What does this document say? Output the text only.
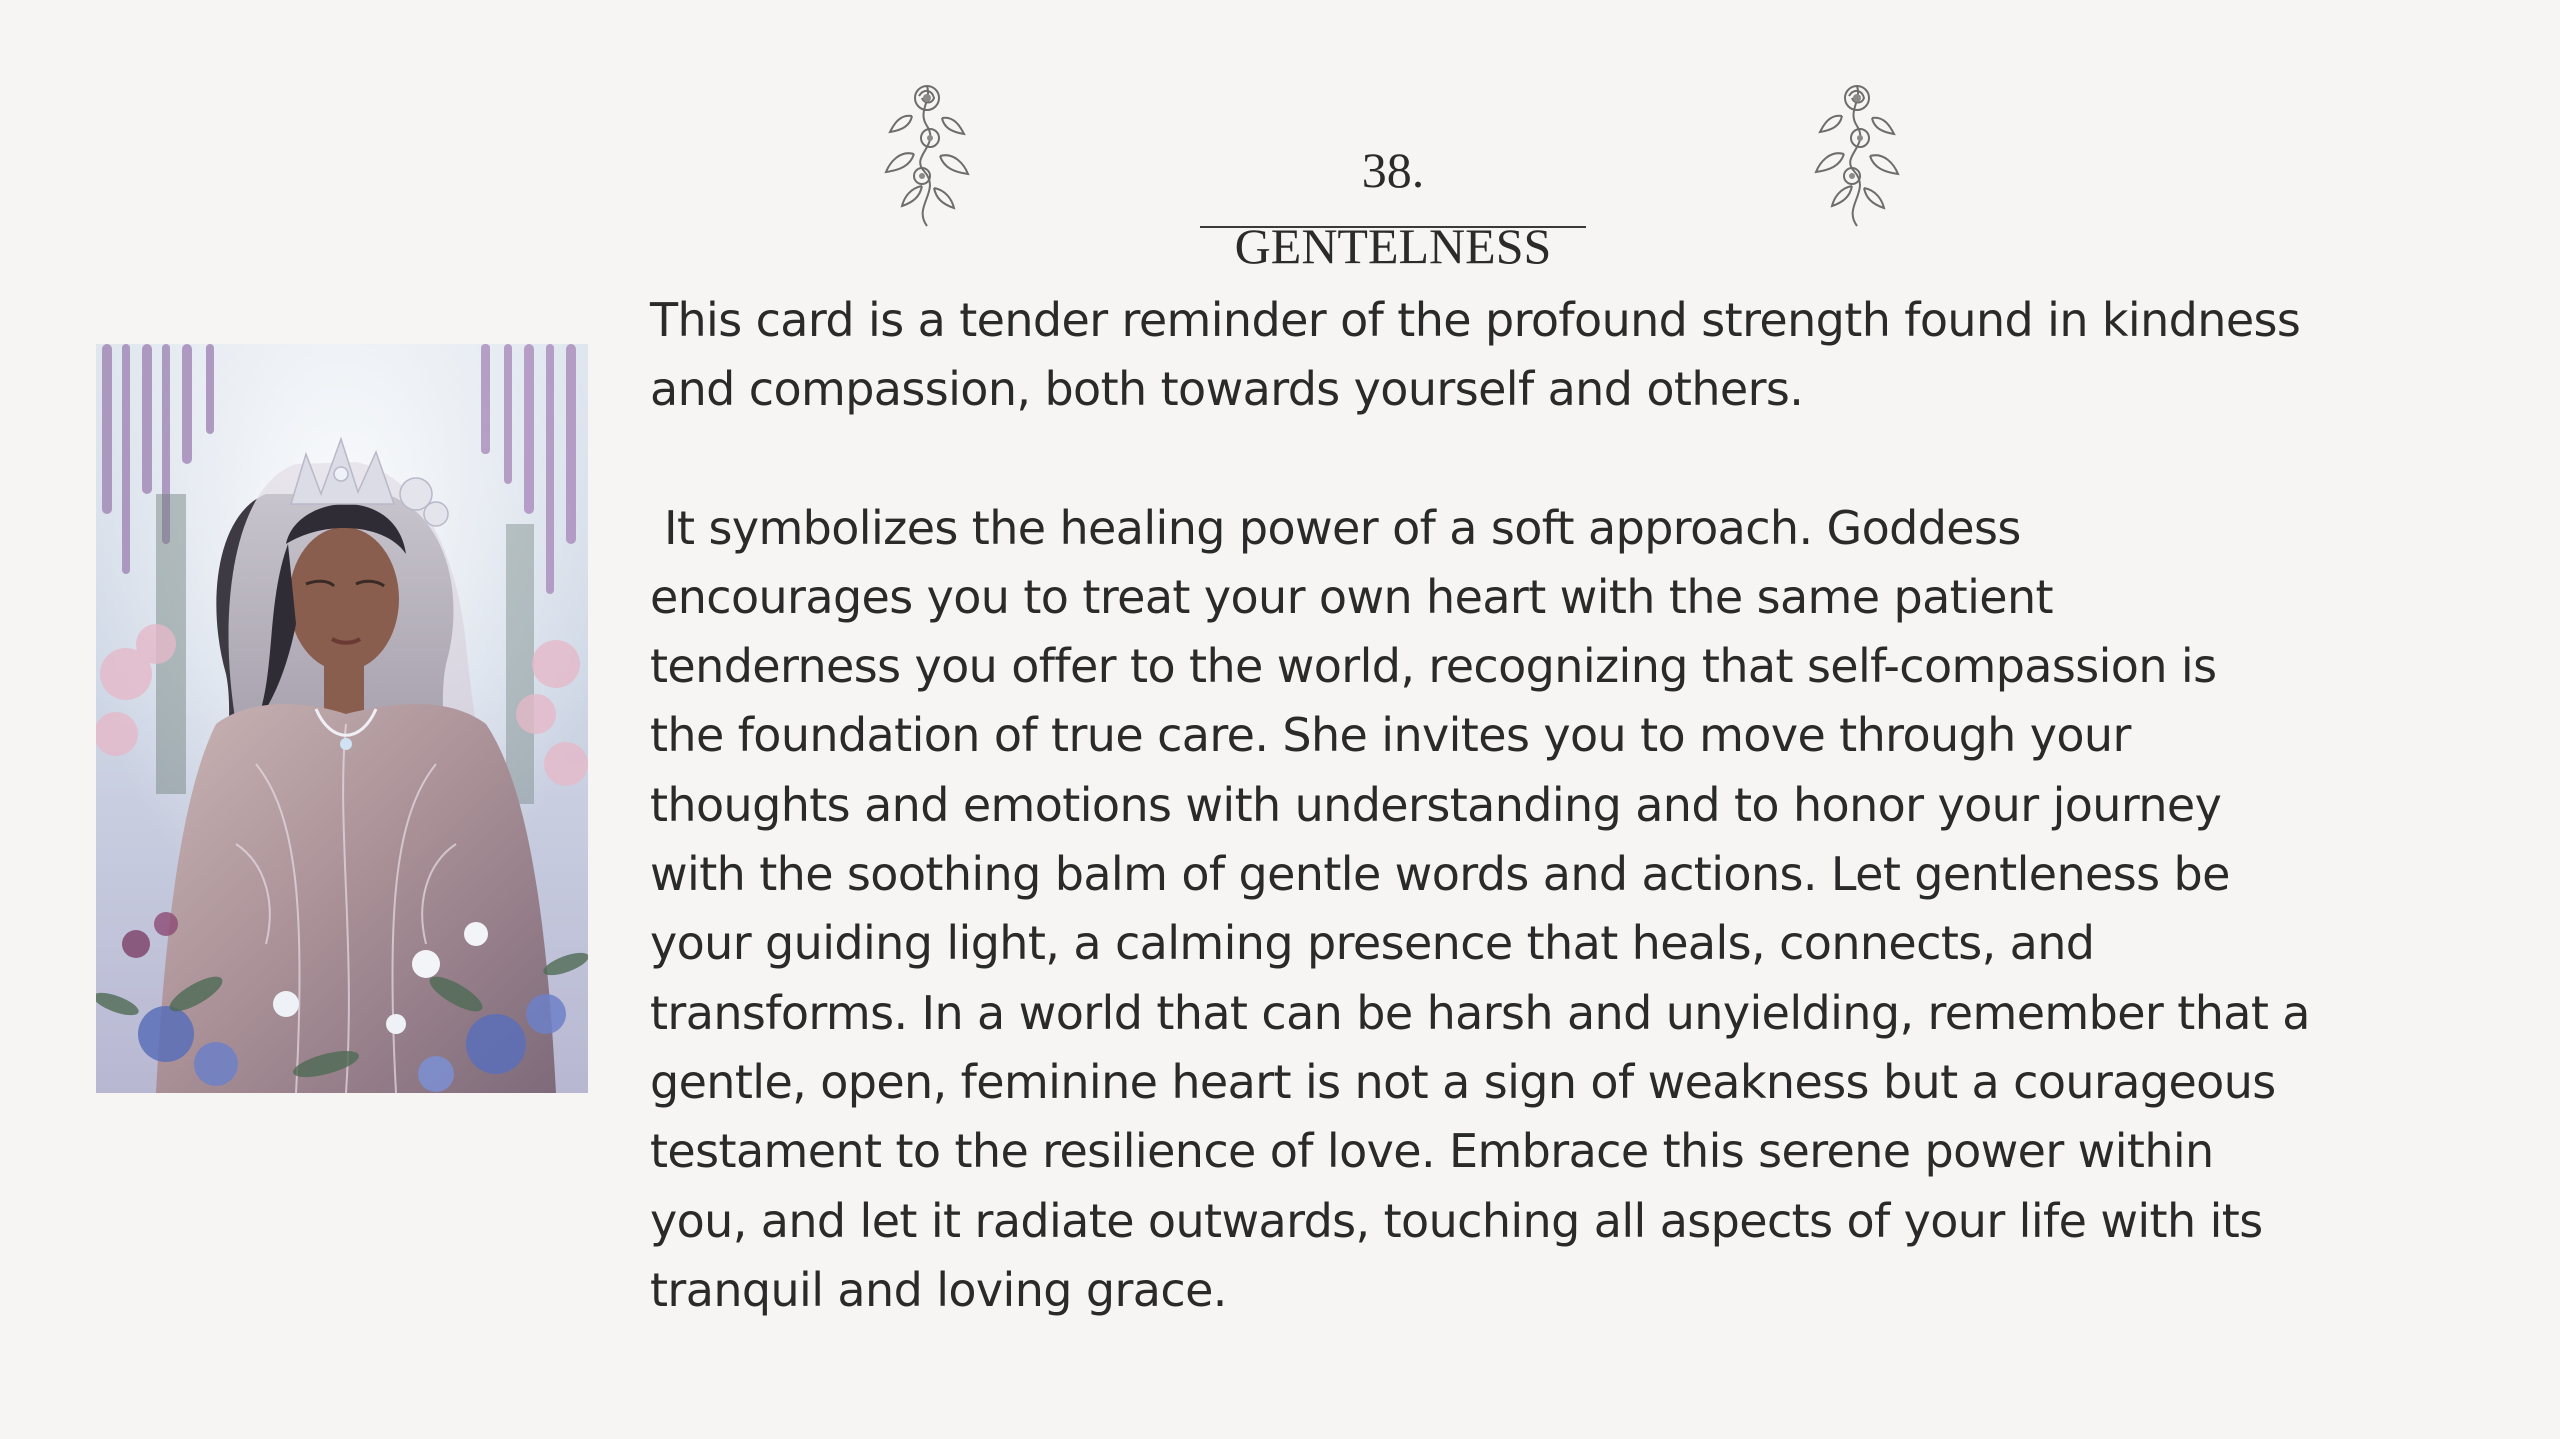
38. GENTELNESS

This card is a tender reminder of the profound strength found in kindness

and compassion, both towards yourself and others.

It symbolizes the healing power of a soft approach. Goddess

encourages you to treat your own heart with the same patient

tenderness you offer to the world, recognizing that self-compassion is

the foundation of true care. She invites you to move through your

thoughts and emotions with understanding and to honor your journey

with the soothing balm of gentle words and actions. Let gentleness be

your guiding light, a calming presence that heals, connects, and

transforms. In a world that can be harsh and unyielding, remember that a

gentle, open, feminine heart is not a sign of weakness but a courageous

testament to the resilience of love. Embrace this serene power within

you, and let it radiate outwards, touching all aspects of your life with its

tranquil and loving grace.
